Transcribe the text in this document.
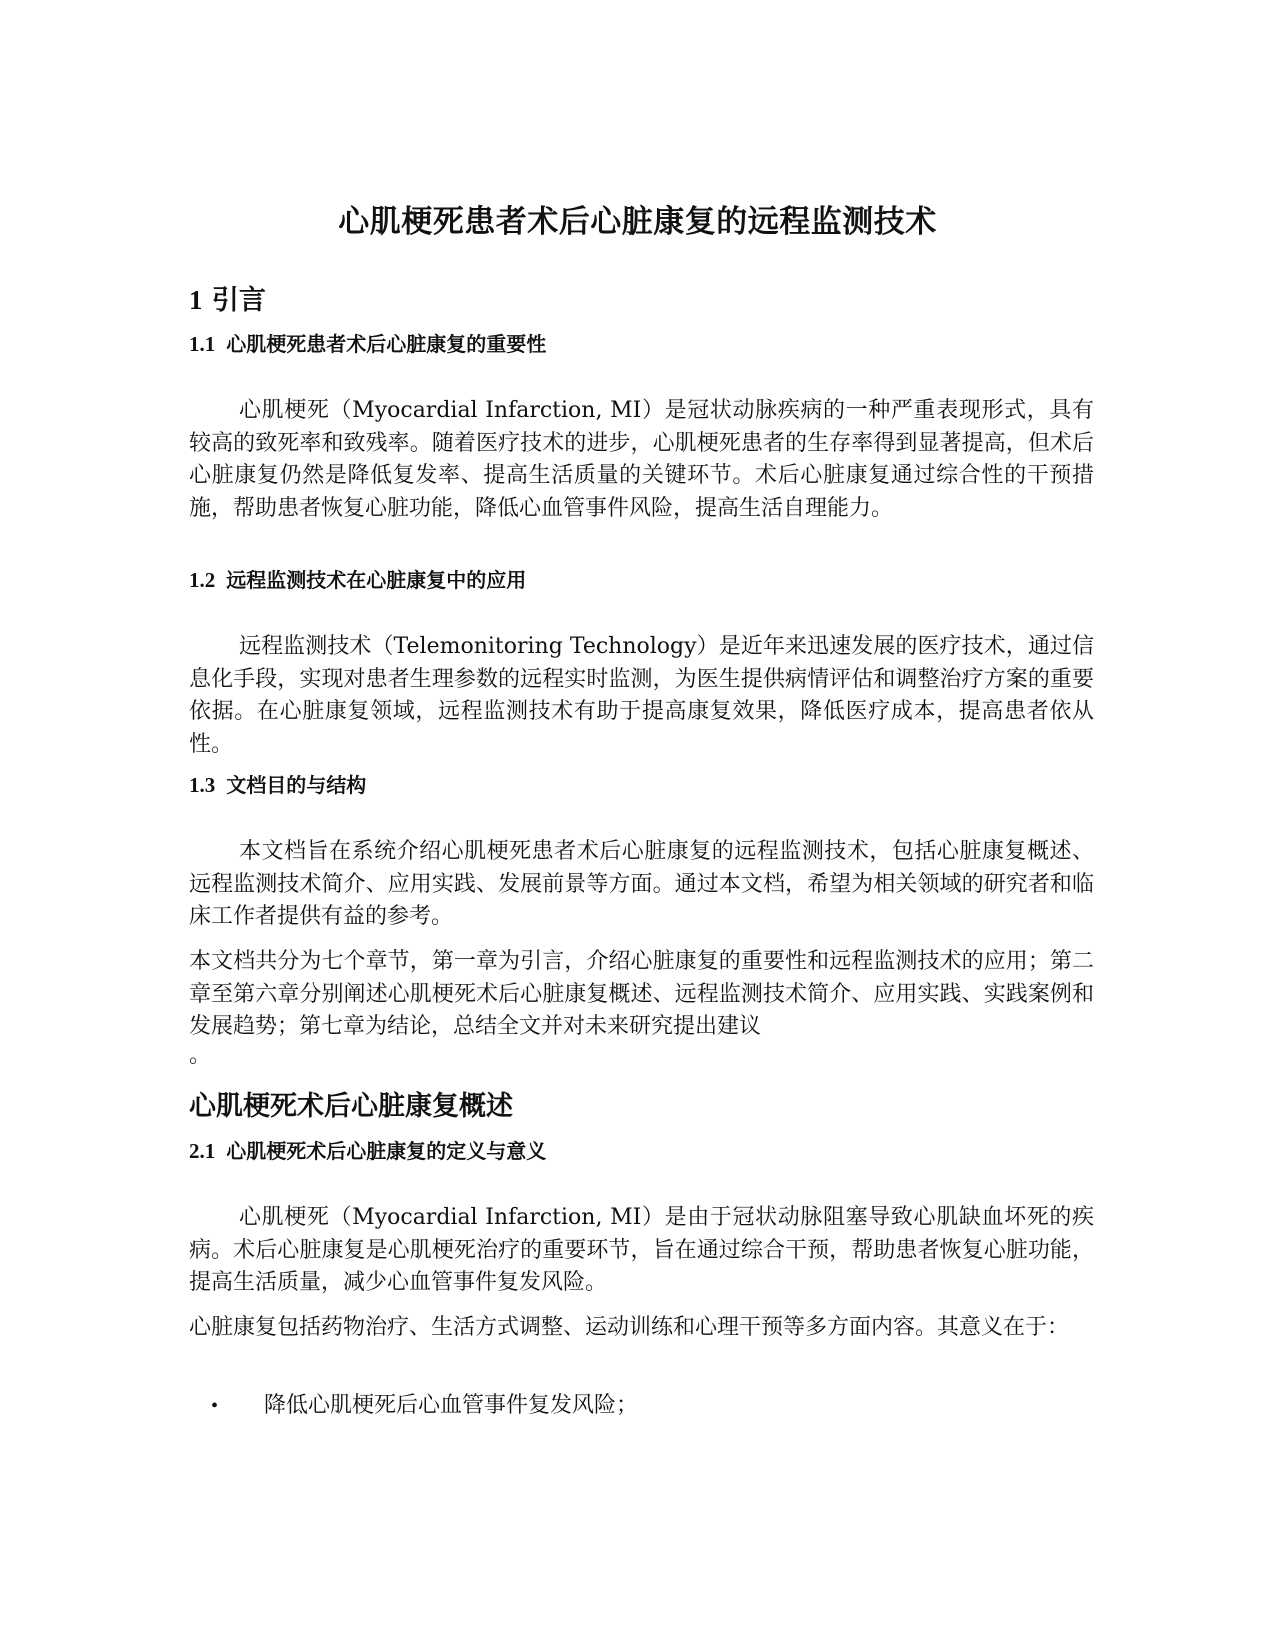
心肌梗死患者术后心脏康复的远程监测技术
1 引言
1.1 心肌梗死患者术后心脏康复的重要性

心肌梗死（Myocardial Infarction, MI）是冠状动脉疾病的一种严重表现形式，具有较高的致死率和致残率。随着医疗技术的进步，心肌梗死患者的生存率得到显著提高，但术后心脏康复仍然是降低复发率、提高生活质量的关键环节。术后心脏康复通过综合性的干预措施，帮助患者恢复心脏功能，降低心血管事件风险，提高生活自理能力。

1.2 远程监测技术在心脏康复中的应用

远程监测技术（Telemonitoring Technology）是近年来迅速发展的医疗技术，通过信息化手段，实现对患者生理参数的远程实时监测，为医生提供病情评估和调整治疗方案的重要依据。在心脏康复领域，远程监测技术有助于提高康复效果，降低医疗成本，提高患者依从性。

1.3 文档目的与结构

本文档旨在系统介绍心肌梗死患者术后心脏康复的远程监测技术，包括心脏康复概述、远程监测技术简介、应用实践、发展前景等方面。通过本文档，希望为相关领域的研究者和临床工作者提供有益的参考。

本文档共分为七个章节，第一章为引言，介绍心脏康复的重要性和远程监测技术的应用；第二章至第六章分别阐述心肌梗死术后心脏康复概述、远程监测技术简介、应用实践、实践案例和发展趋势；第七章为结论，总结全文并对未来研究提出建议

。

心肌梗死术后心脏康复概述
2.1 心肌梗死术后心脏康复的定义与意义

心肌梗死（Myocardial Infarction, MI）是由于冠状动脉阻塞导致心肌缺血坏死的疾病。术后心脏康复是心肌梗死治疗的重要环节，旨在通过综合干预，帮助患者恢复心脏功能，提高生活质量，减少心血管事件复发风险。

心脏康复包括药物治疗、生活方式调整、运动训练和心理干预等多方面内容。其意义在于：

• 降低心肌梗死后心血管事件复发风险；
